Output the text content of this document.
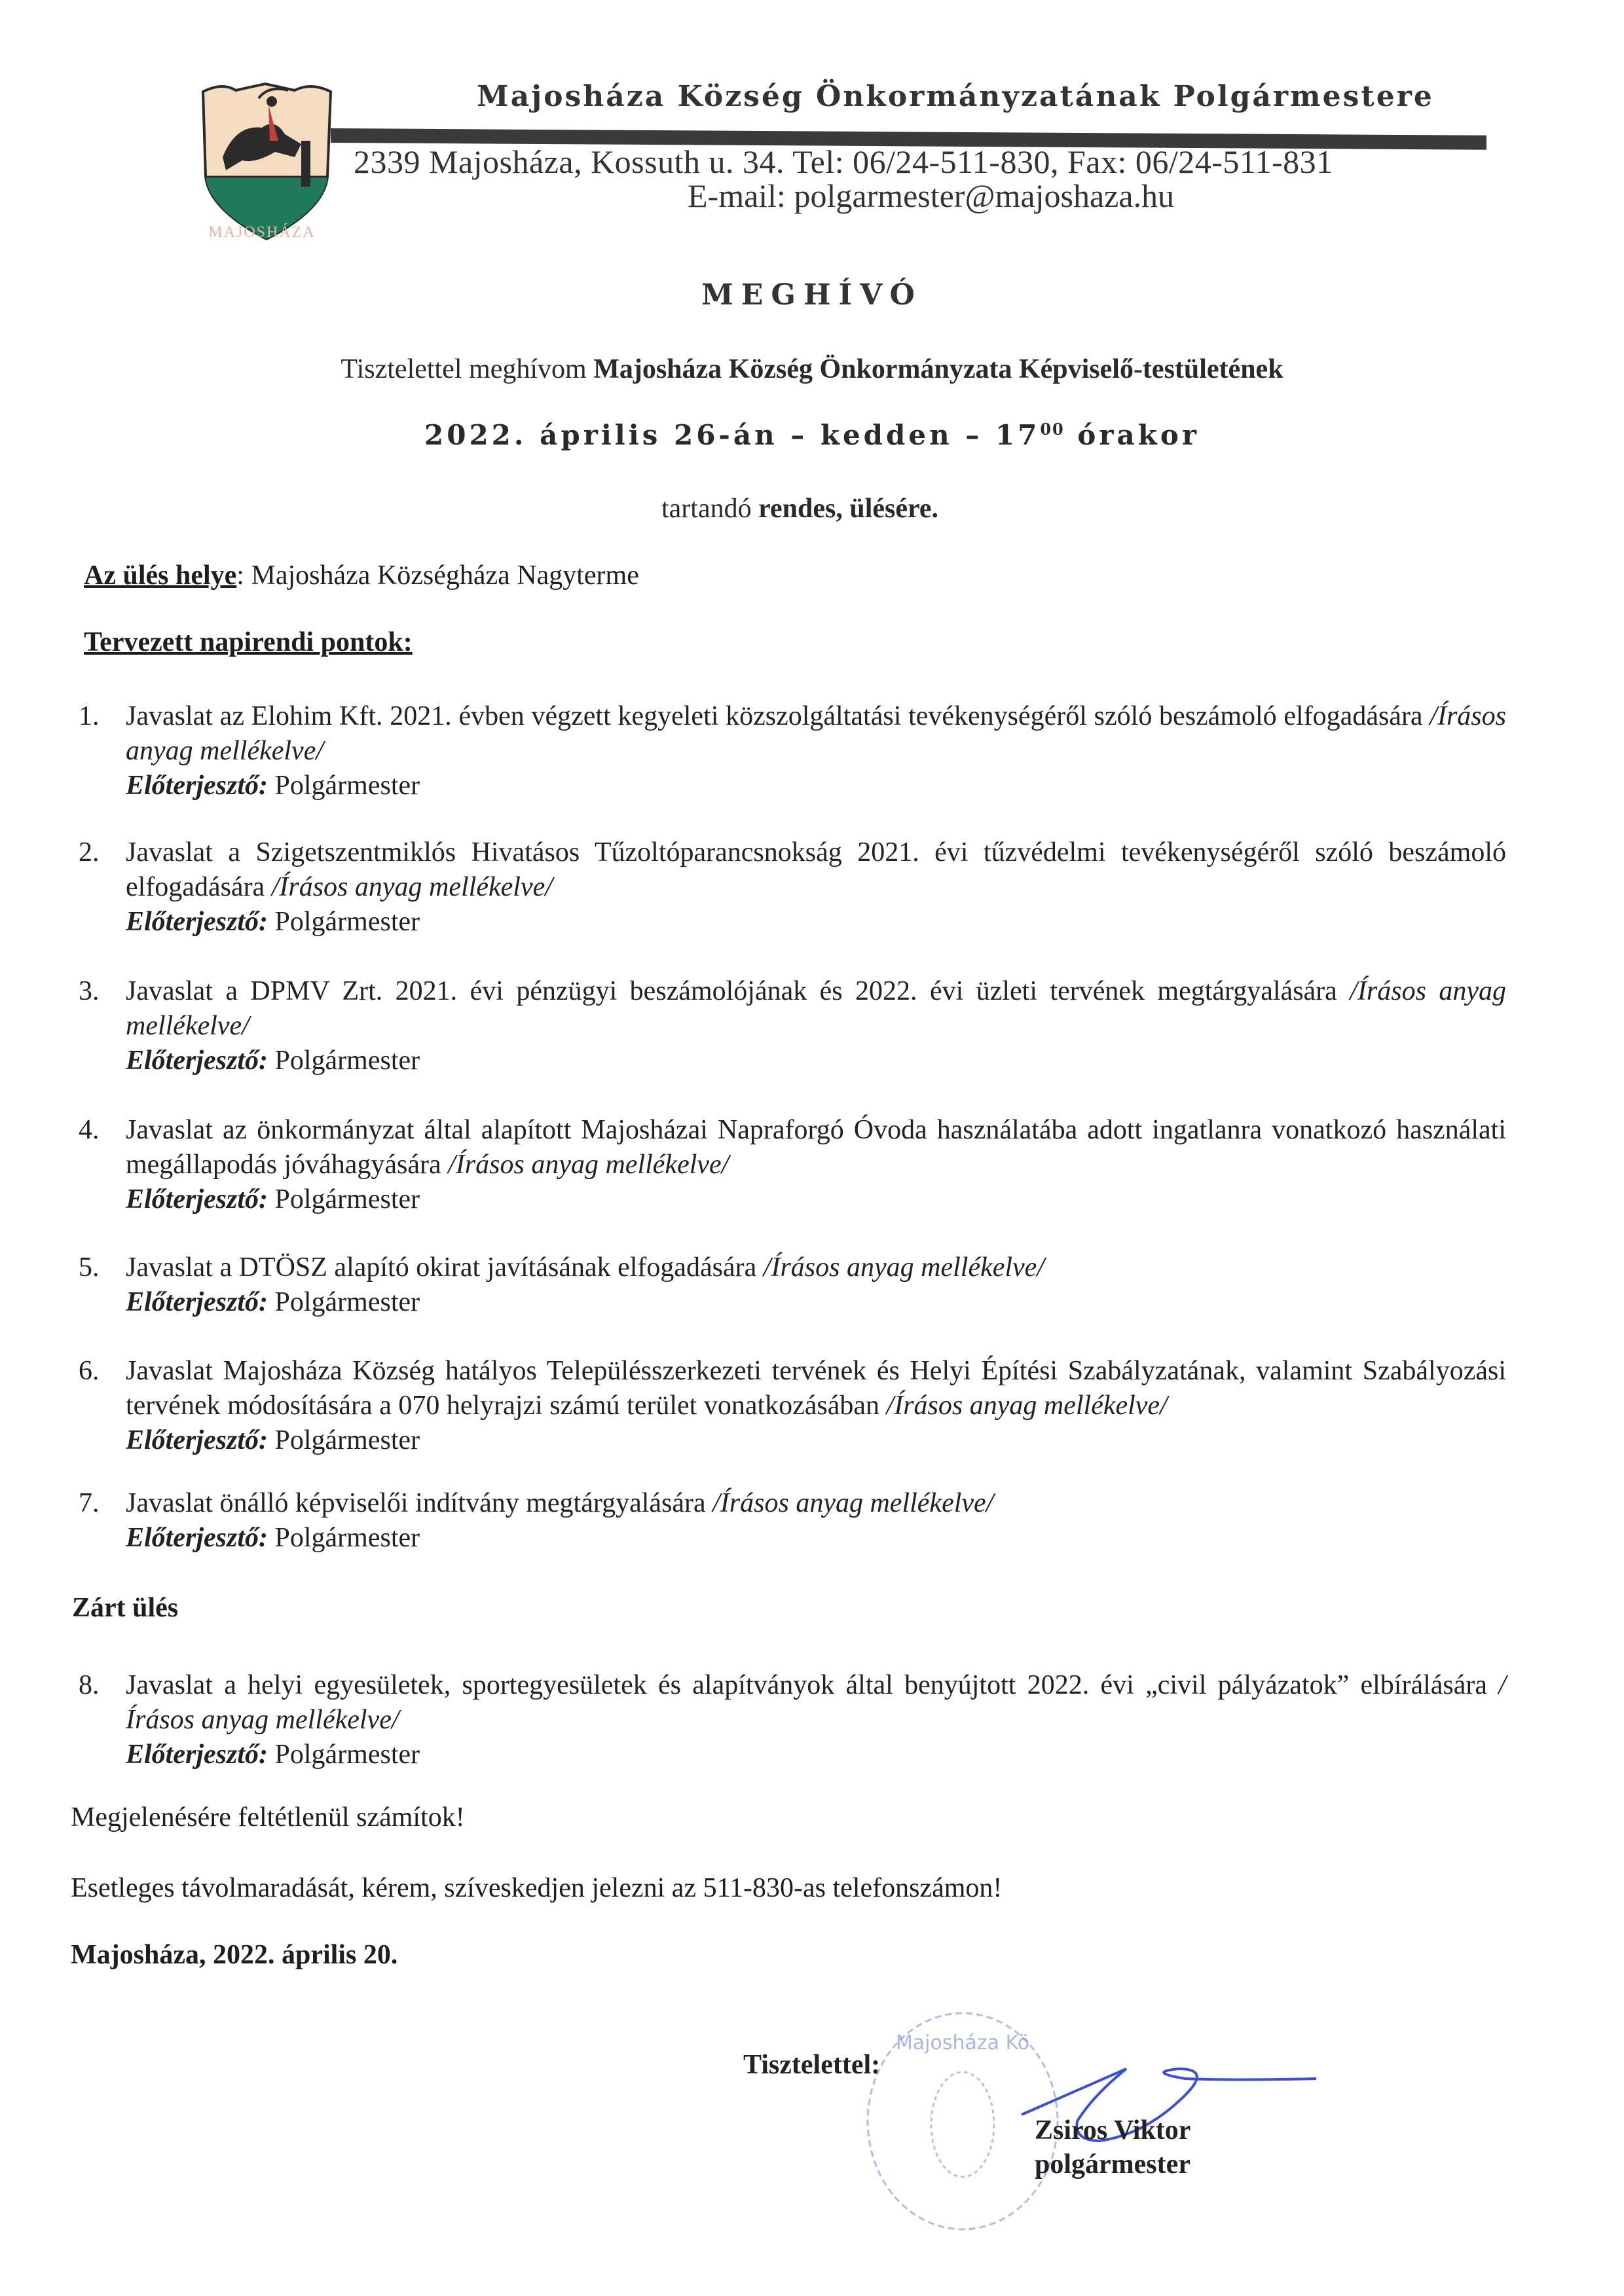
MAJOSHÁZA
Majosháza Község Önkormányzatának Polgármestere
2339 Majosháza, Kossuth u. 34. Tel: 06/24-511-830, Fax: 06/24-511-831
E-mail: polgarmester@majoshaza.hu
MEGHÍVÓ
Tisztelettel meghívom Majosháza Község Önkormányzata Képviselő-testületének
2022. április 26-án – kedden – $17^{00}$ órakor
tartandó rendes, ülésére.
Az ülés helye: Majosháza Községháza Nagyterme
Tervezett napirendi pontok:
1. Javaslat az Elohim Kft. 2021. évben végzett kegyeleti közszolgáltatási tevékenységéről szóló beszámoló elfogadására /Írásos anyag mellékelve/
Előterjesztő: Polgármester
2. Javaslat a Szigetszentmiklós Hivatásos Tűzoltóparancsnokság 2021. évi tűzvédelmi tevékenységéről szóló beszámoló elfogadására /Írásos anyag mellékelve/
Előterjesztő: Polgármester
3. Javaslat a DPMV Zrt. 2021. évi pénzügyi beszámolójának és 2022. évi üzleti tervének megtárgyalására /Írásos anyag mellékelve/
Előterjesztő: Polgármester
4. Javaslat az önkormányzat által alapított Majosházai Napraforgó Óvoda használatába adott ingatlanra vonatkozó használati megállapodás jóváhagyására /Írásos anyag mellékelve/
Előterjesztő: Polgármester
5. Javaslat a DTÖSZ alapító okirat javításának elfogadására /Írásos anyag mellékelve/
Előterjesztő: Polgármester
6. Javaslat Majosháza Község hatályos Településszerkezeti tervének és Helyi Építési Szabályzatának, valamint Szabályozási tervének módosítására a 070 helyrajzi számú terület vonatkozásában /Írásos anyag mellékelve/
Előterjesztő: Polgármester
7. Javaslat önálló képviselői indítvány megtárgyalására /Írásos anyag mellékelve/
Előterjesztő: Polgármester
Zárt ülés
8. Javaslat a helyi egyesületek, sportegyesületek és alapítványok által benyújtott 2022. évi „civil pályázatok” elbírálására /Írásos anyag mellékelve/
Előterjesztő: Polgármester
Megjelenésére feltétlenül számítok!
Esetleges távolmaradását, kérem, szíveskedjen jelezni az 511-830-as telefonszámon!
Majosháza, 2022. április 20.
Majosháza Kö
Tisztelettel:
Zsiros Viktor
polgármester
